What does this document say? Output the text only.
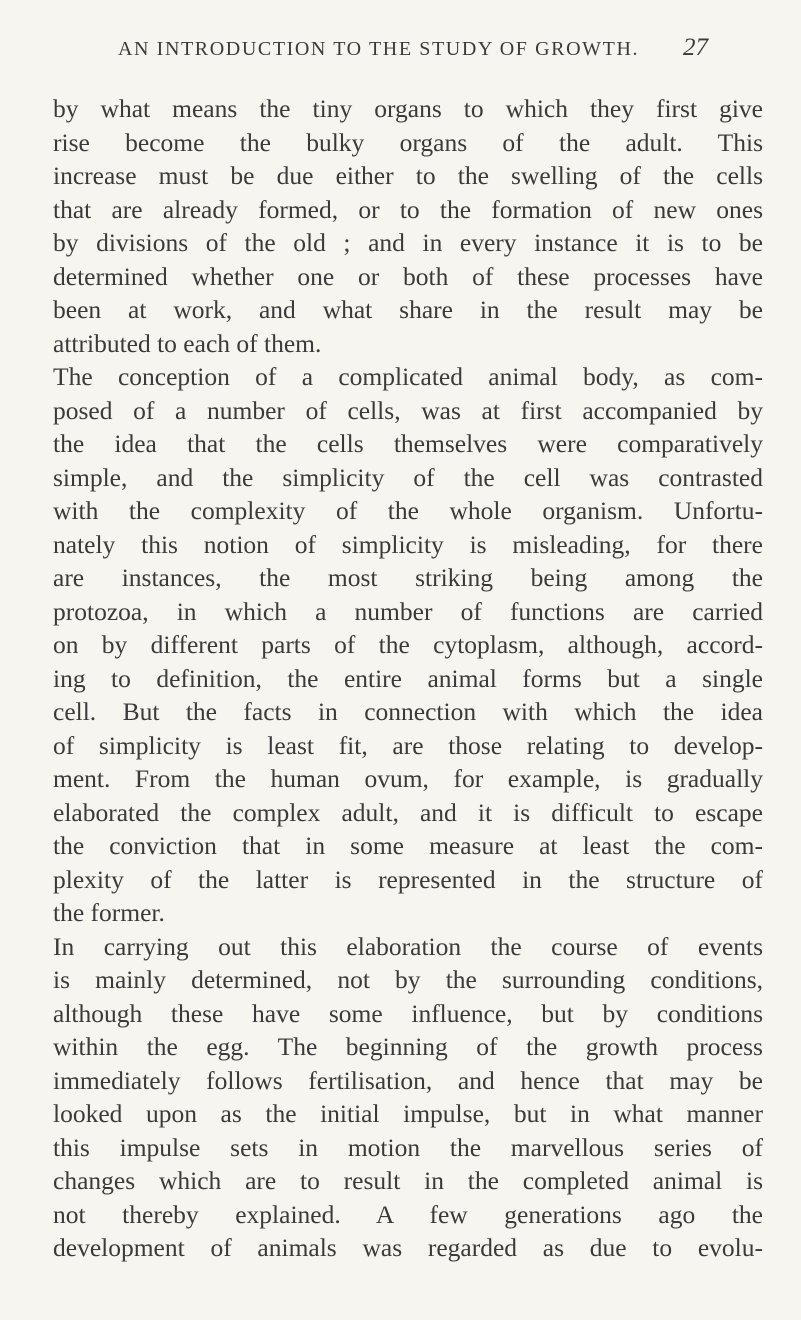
AN INTRODUCTION TO THE STUDY OF GROWTH. 27
by what means the tiny organs to which they first give
rise become the bulky organs of the adult. This
increase must be due either to the swelling of the cells
that are already formed, or to the formation of new ones
by divisions of the old ; and in every instance it is to be
determined whether one or both of these processes have
been at work, and what share in the result may be
attributed to each of them.
The conception of a complicated animal body, as com-
posed of a number of cells, was at first accompanied by
the idea that the cells themselves were comparatively
simple, and the simplicity of the cell was contrasted
with the complexity of the whole organism. Unfortu-
nately this notion of simplicity is misleading, for there
are instances, the most striking being among the
protozoa, in which a number of functions are carried
on by different parts of the cytoplasm, although, accord-
ing to definition, the entire animal forms but a single
cell. But the facts in connection with which the idea
of simplicity is least fit, are those relating to develop-
ment. From the human ovum, for example, is gradually
elaborated the complex adult, and it is difficult to escape
the conviction that in some measure at least the com-
plexity of the latter is represented in the structure of
the former.
In carrying out this elaboration the course of events
is mainly determined, not by the surrounding conditions,
although these have some influence, but by conditions
within the egg. The beginning of the growth process
immediately follows fertilisation, and hence that may be
looked upon as the initial impulse, but in what manner
this impulse sets in motion the marvellous series of
changes which are to result in the completed animal is
not thereby explained. A few generations ago the
development of animals was regarded as due to evolu-
